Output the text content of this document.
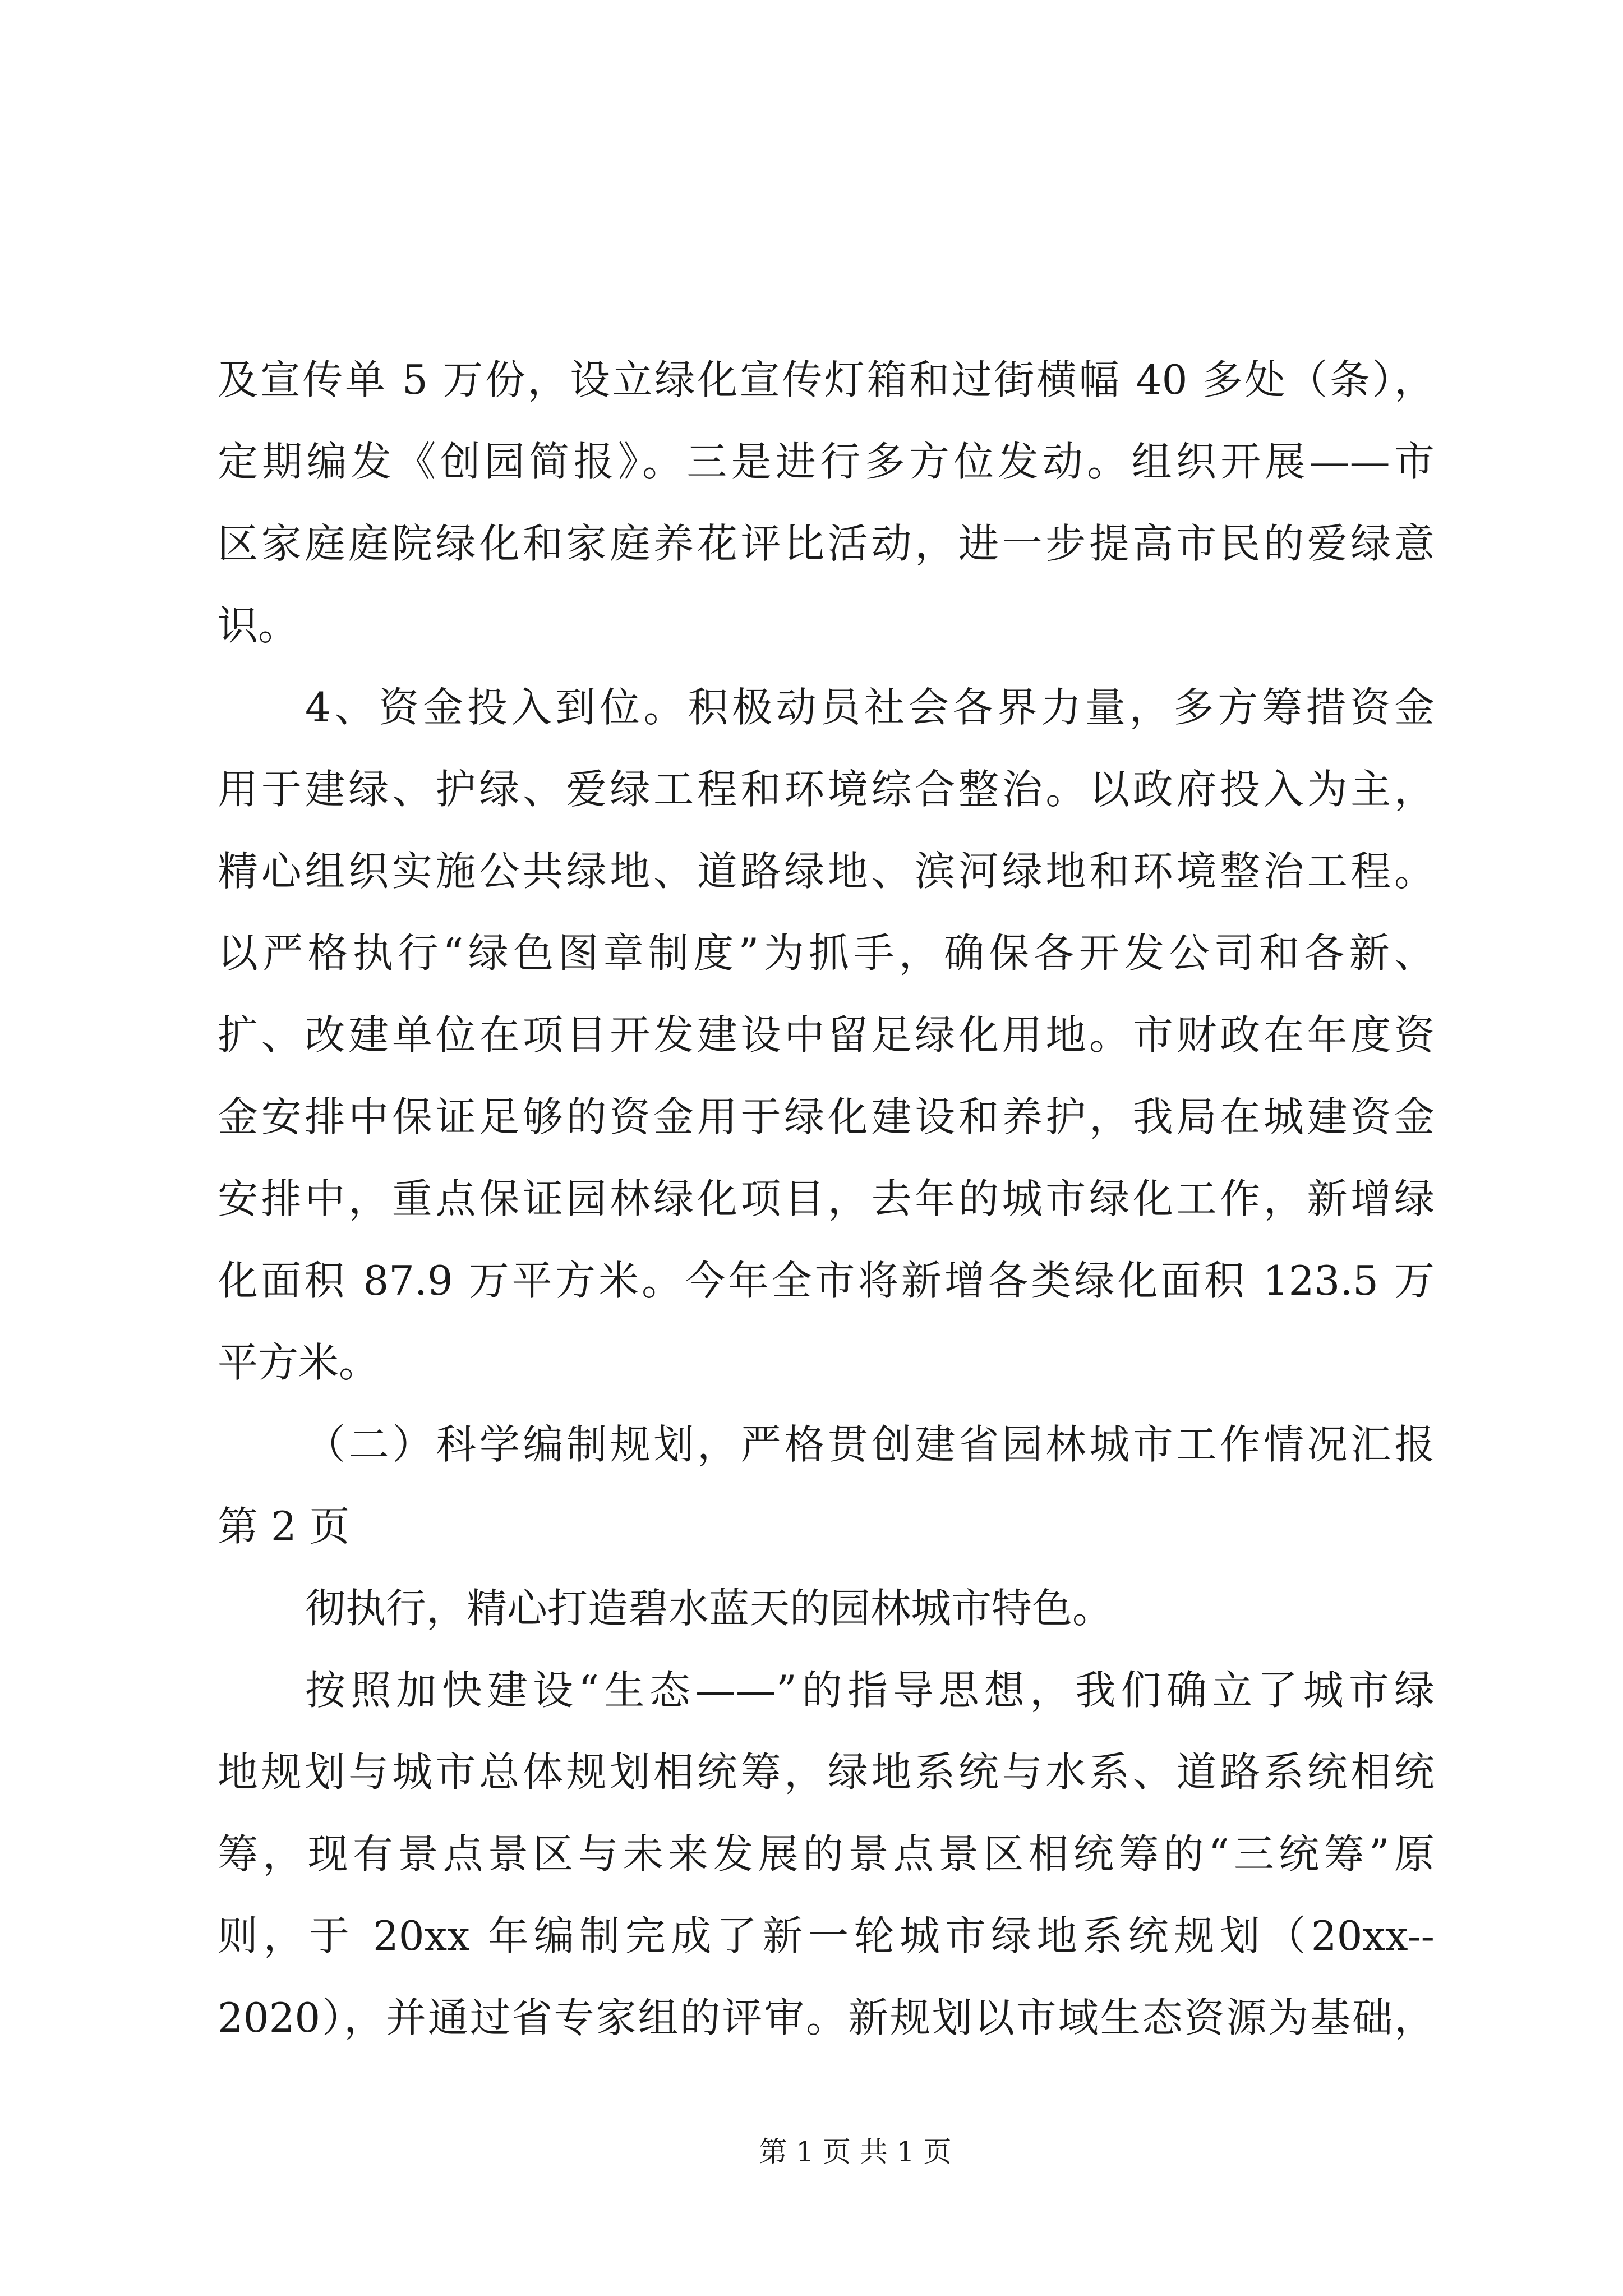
及宣传单 5 万份，设立绿化宣传灯箱和过街横幅 40 多处（条），
定期编发《创园简报》。三是进行多方位发动。组织开展——市
区家庭庭院绿化和家庭养花评比活动，进一步提高市民的爱绿意
识。
4、资金投入到位。积极动员社会各界力量，多方筹措资金
用于建绿、护绿、爱绿工程和环境综合整治。以政府投入为主，
精心组织实施公共绿地、道路绿地、滨河绿地和环境整治工程。
以严格执行“绿色图章制度”为抓手，确保各开发公司和各新、
扩、改建单位在项目开发建设中留足绿化用地。市财政在年度资
金安排中保证足够的资金用于绿化建设和养护，我局在城建资金
安排中，重点保证园林绿化项目，去年的城市绿化工作，新增绿
化面积 87.9 万平方米。今年全市将新增各类绿化面积 123.5 万
平方米。
（二）科学编制规划，严格贯创建省园林城市工作情况汇报
第 2 页
彻执行，精心打造碧水蓝天的园林城市特色。
按照加快建设“生态——”的指导思想，我们确立了城市绿
地规划与城市总体规划相统筹，绿地系统与水系、道路系统相统
筹，现有景点景区与未来发展的景点景区相统筹的“三统筹”原
则，于 20xx 年编制完成了新一轮城市绿地系统规划（20xx--
2020），并通过省专家组的评审。新规划以市域生态资源为基础，
第 1 页 共 1 页
